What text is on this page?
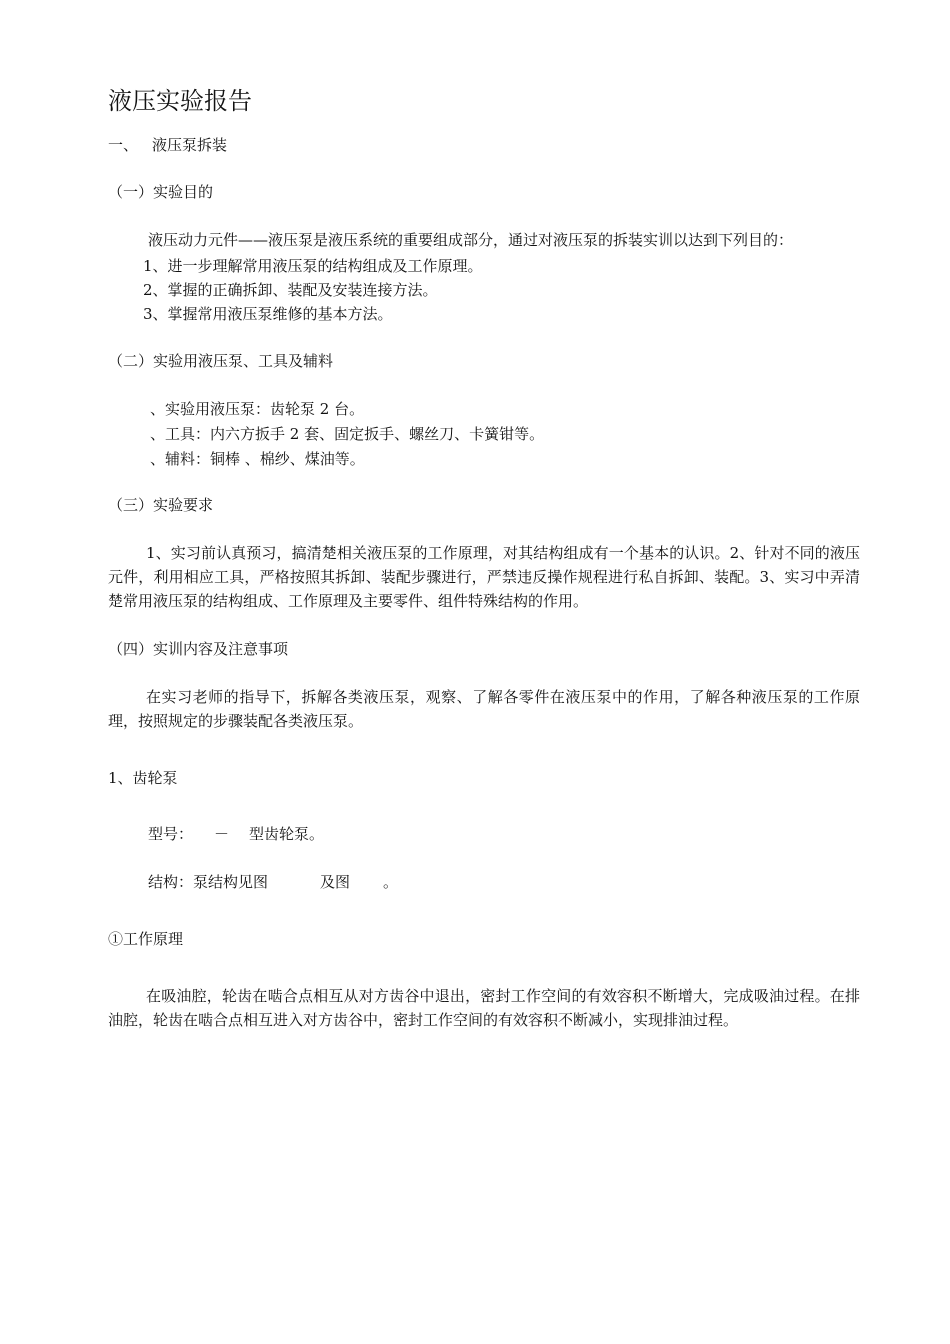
液压实验报告
一、 液压泵拆装
（一）实验目的
液压动力元件——液压泵是液压系统的重要组成部分，通过对液压泵的拆装实训以达到下列目的：
1、进一步理解常用液压泵的结构组成及工作原理。
2、掌握的正确拆卸、装配及安装连接方法。
3、掌握常用液压泵维修的基本方法。
（二）实验用液压泵、工具及辅料
、实验用液压泵：齿轮泵 2 台。
、工具：内六方扳手 2 套、固定扳手、螺丝刀、卡簧钳等。
、辅料：铜棒 、棉纱、煤油等。
（三）实验要求
1、实习前认真预习，搞清楚相关液压泵的工作原理，对其结构组成有一个基本的认识。2、针对不同的液压元件，利用相应工具，严格按照其拆卸、装配步骤进行，严禁违反操作规程进行私自拆卸、装配。3、实习中弄清楚常用液压泵的结构组成、工作原理及主要零件、组件特殊结构的作用。
（四）实训内容及注意事项
在实习老师的指导下，拆解各类液压泵，观察、了解各零件在液压泵中的作用，了解各种液压泵的工作原理，按照规定的步骤装配各类液压泵。
1、齿轮泵
型号： － 型齿轮泵。
结构：泵结构见图	及图 。
①工作原理
在吸油腔，轮齿在啮合点相互从对方齿谷中退出，密封工作空间的有效容积不断增大，完成吸油过程。在排油腔，轮齿在啮合点相互进入对方齿谷中，密封工作空间的有效容积不断减小，实现排油过程。
